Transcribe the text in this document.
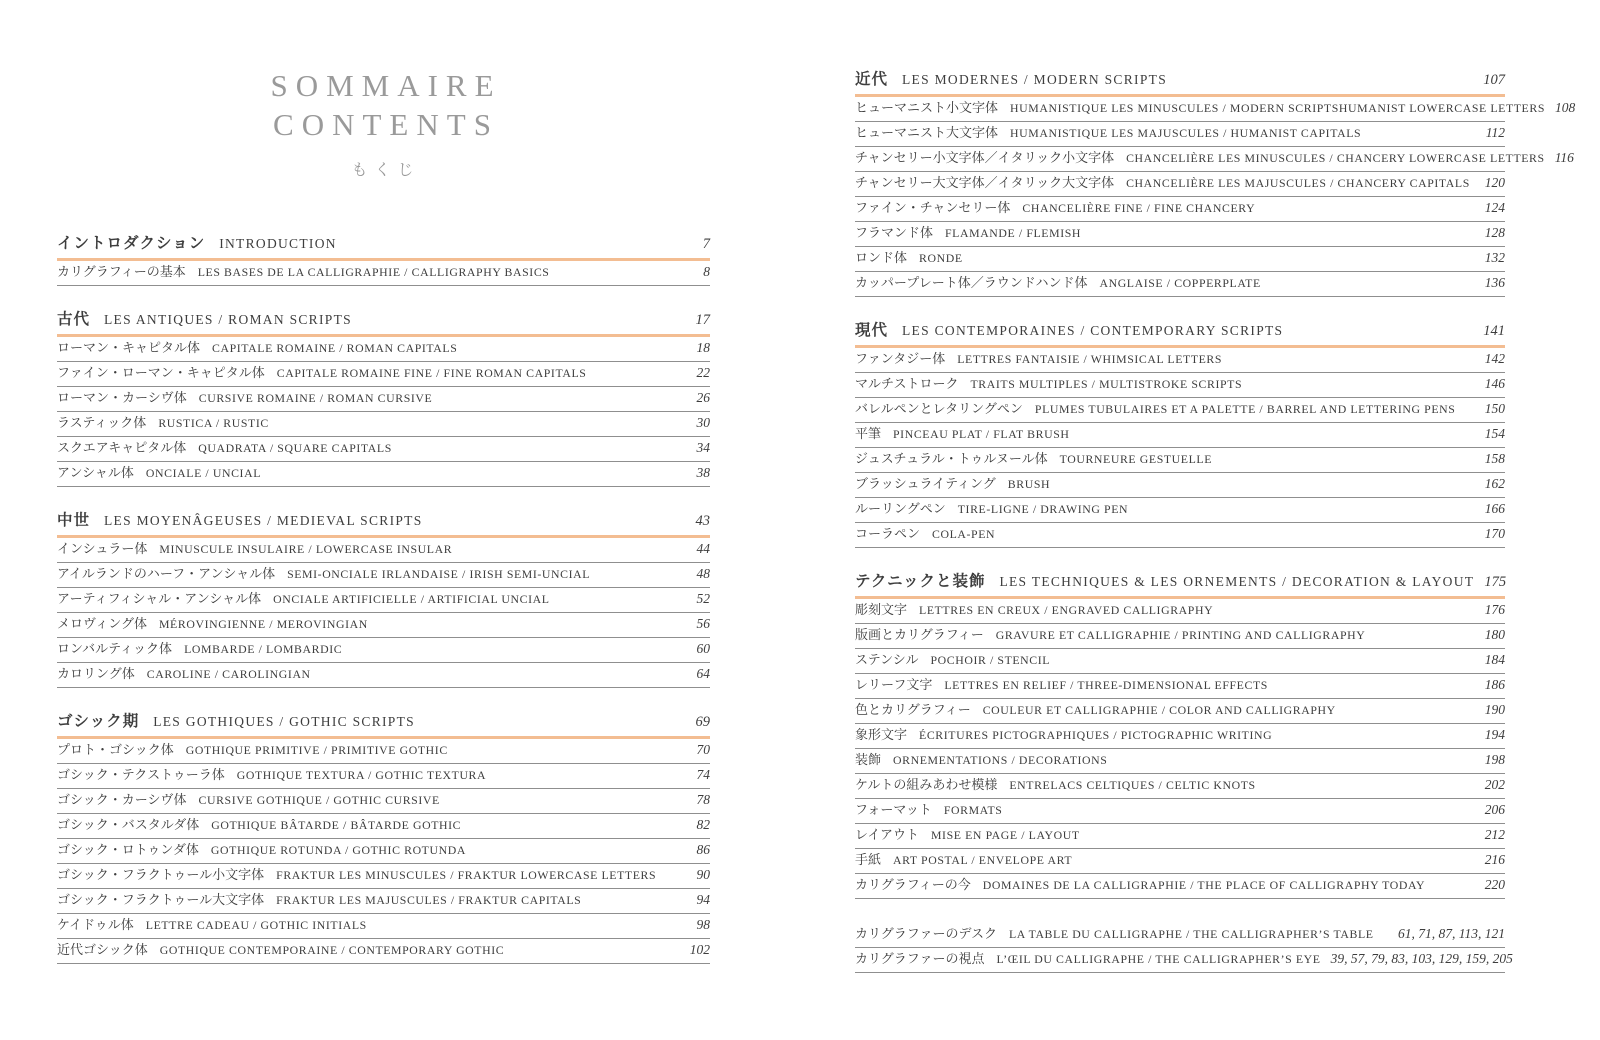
SOMMAIRE
CONTENTS
もくじ
イントロダクション INTRODUCTION	7
カリグラフィーの基本 LES BASES DE LA CALLIGRAPHIE / CALLIGRAPHY BASICS	8
古代 LES ANTIQUES / ROMAN SCRIPTS	17
ローマン・キャピタル体 CAPITALE ROMAINE / ROMAN CAPITALS	18
ファイン・ローマン・キャピタル体 CAPITALE ROMAINE FINE / FINE ROMAN CAPITALS	22
ローマン・カーシヴ体 CURSIVE ROMAINE / ROMAN CURSIVE	26
ラスティック体 RUSTICA / RUSTIC	30
スクエアキャピタル体 QUADRATA / SQUARE CAPITALS	34
アンシャル体 ONCIALE / UNCIAL	38
中世 LES MOYENÂGEUSES / MEDIEVAL SCRIPTS	43
インシュラー体 MINUSCULE INSULAIRE / LOWERCASE INSULAR	44
アイルランドのハーフ・アンシャル体 SEMI-ONCIALE IRLANDAISE / IRISH SEMI-UNCIAL	48
アーティフィシャル・アンシャル体 ONCIALE ARTIFICIELLE / ARTIFICIAL UNCIAL	52
メロヴィング体 MÉROVINGIENNE / MEROVINGIAN	56
ロンバルティック体 LOMBARDE / LOMBARDIC	60
カロリング体 CAROLINE / CAROLINGIAN	64
ゴシック期 LES GOTHIQUES / GOTHIC SCRIPTS	69
プロト・ゴシック体 GOTHIQUE PRIMITIVE / PRIMITIVE GOTHIC	70
ゴシック・テクストゥーラ体 GOTHIQUE TEXTURA / GOTHIC TEXTURA	74
ゴシック・カーシヴ体 CURSIVE GOTHIQUE / GOTHIC CURSIVE	78
ゴシック・バスタルダ体 GOTHIQUE BÂTARDE / BÂTARDE GOTHIC	82
ゴシック・ロトゥンダ体 GOTHIQUE ROTUNDA / GOTHIC ROTUNDA	86
ゴシック・フラクトゥール小文字体 FRAKTUR LES MINUSCULES / FRAKTUR LOWERCASE LETTERS	90
ゴシック・フラクトゥール大文字体 FRAKTUR LES MAJUSCULES / FRAKTUR CAPITALS	94
ケイドゥル体 LETTRE CADEAU / GOTHIC INITIALS	98
近代ゴシック体 GOTHIQUE CONTEMPORAINE / CONTEMPORARY GOTHIC	102
近代 LES MODERNES / MODERN SCRIPTS	107
ヒューマニスト小文字体 HUMANISTIQUE LES MINUSCULES / MODERN SCRIPTSHUMANIST LOWERCASE LETTERS 108
ヒューマニスト大文字体 HUMANISTIQUE LES MAJUSCULES / HUMANIST CAPITALS	112
チャンセリー小文字体／イタリック小文字体 CHANCELIÈRE LES MINUSCULES / CHANCERY LOWERCASE LETTERS 116
チャンセリー大文字体／イタリック大文字体 CHANCELIÈRE LES MAJUSCULES / CHANCERY CAPITALS	120
ファイン・チャンセリー体 CHANCELIÈRE FINE / FINE CHANCERY	124
フラマンド体 FLAMANDE / FLEMISH	128
ロンド体 RONDE	132
カッパープレート体／ラウンドハンド体 ANGLAISE / COPPERPLATE	136
現代 LES CONTEMPORAINES / CONTEMPORARY SCRIPTS	141
ファンタジー体 LETTRES FANTAISIE / WHIMSICAL LETTERS	142
マルチストローク TRAITS MULTIPLES / MULTISTROKE SCRIPTS	146
バレルペンとレタリングペン PLUMES TUBULAIRES ET A PALETTE / BARREL AND LETTERING PENS	150
平筆 PINCEAU PLAT / FLAT BRUSH	154
ジュスチュラル・トゥルヌール体 TOURNEURE GESTUELLE	158
ブラッシュライティング BRUSH	162
ルーリングペン TIRE-LIGNE / DRAWING PEN	166
コーラペン COLA-PEN	170
テクニックと装飾 LES TECHNIQUES & LES ORNEMENTS / DECORATION & LAYOUT 175
彫刻文字 LETTRES EN CREUX / ENGRAVED CALLIGRAPHY	176
版画とカリグラフィー GRAVURE ET CALLIGRAPHIE / PRINTING AND CALLIGRAPHY	180
ステンシル POCHOIR / STENCIL	184
レリーフ文字 LETTRES EN RELIEF / THREE-DIMENSIONAL EFFECTS	186
色とカリグラフィー COULEUR ET CALLIGRAPHIE / COLOR AND CALLIGRAPHY	190
象形文字 ÉCRITURES PICTOGRAPHIQUES / PICTOGRAPHIC WRITING	194
装飾 ORNEMENTATIONS / DECORATIONS	198
ケルトの組みあわせ模様 ENTRELACS CELTIQUES / CELTIC KNOTS	202
フォーマット FORMATS	206
レイアウト MISE EN PAGE / LAYOUT	212
手紙 ART POSTAL / ENVELOPE ART	216
カリグラフィーの今 DOMAINES DE LA CALLIGRAPHIE / THE PLACE OF CALLIGRAPHY TODAY	220
カリグラファーのデスク LA TABLE DU CALLIGRAPHE / THE CALLIGRAPHER’S TABLE	61, 71, 87, 113, 121
カリグラファーの視点 L’ŒIL DU CALLIGRAPHE / THE CALLIGRAPHER’S EYE 39, 57, 79, 83, 103, 129, 159, 205
